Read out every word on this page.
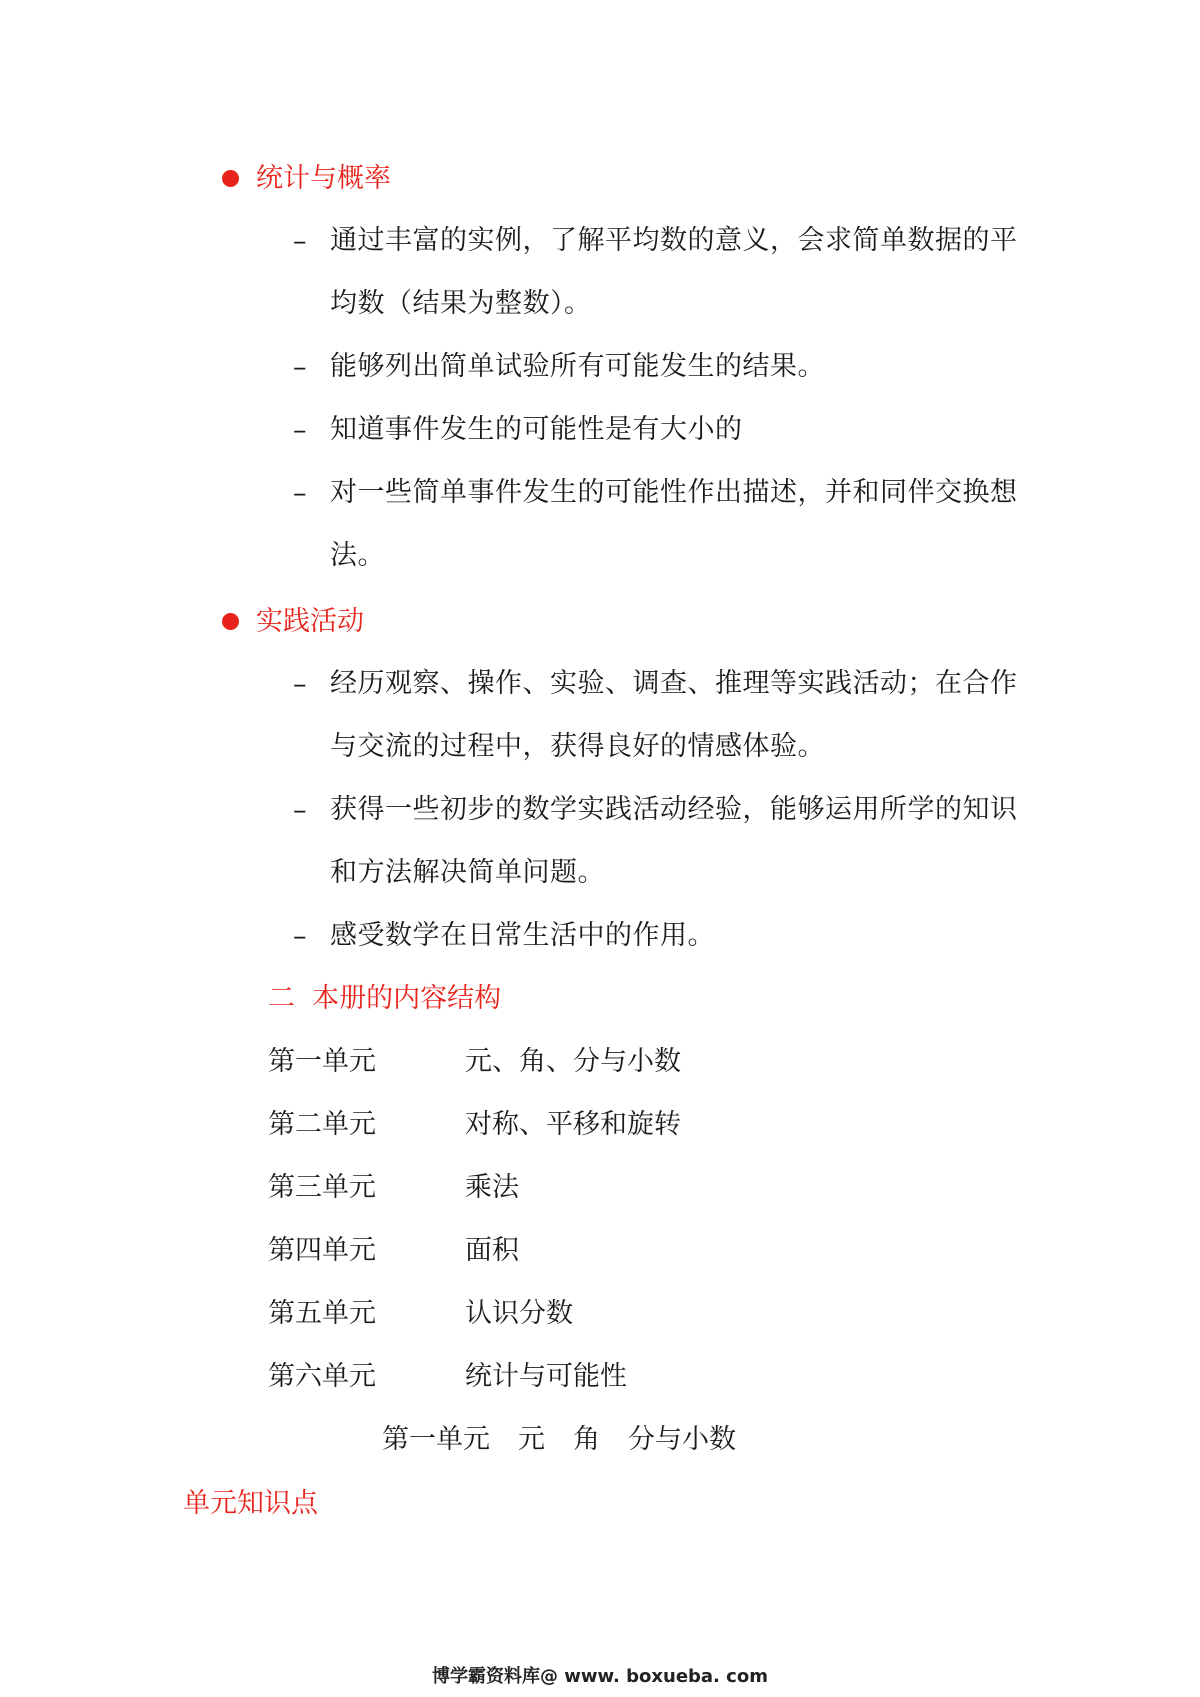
统计与概率
– 通过丰富的实例，了解平均数的意义，会求简单数据的平
均数（结果为整数）。
– 能够列出简单试验所有可能发生的结果。
– 知道事件发生的可能性是有大小的
– 对一些简单事件发生的可能性作出描述，并和同伴交换想
法。
实践活动
– 经历观察、操作、实验、调查、推理等实践活动；在合作
与交流的过程中，获得良好的情感体验。
– 获得一些初步的数学实践活动经验，能够运用所学的知识
和方法解决简单问题。
– 感受数学在日常生活中的作用。
二  本册的内容结构
第一单元	元、角、分与小数
第二单元	对称、平移和旋转
第三单元	乘法
第四单元	面积
第五单元	认识分数
第六单元	统计与可能性
第一单元 元 角 分与小数
单元知识点
博学霸资料库@ www. boxueba. com
